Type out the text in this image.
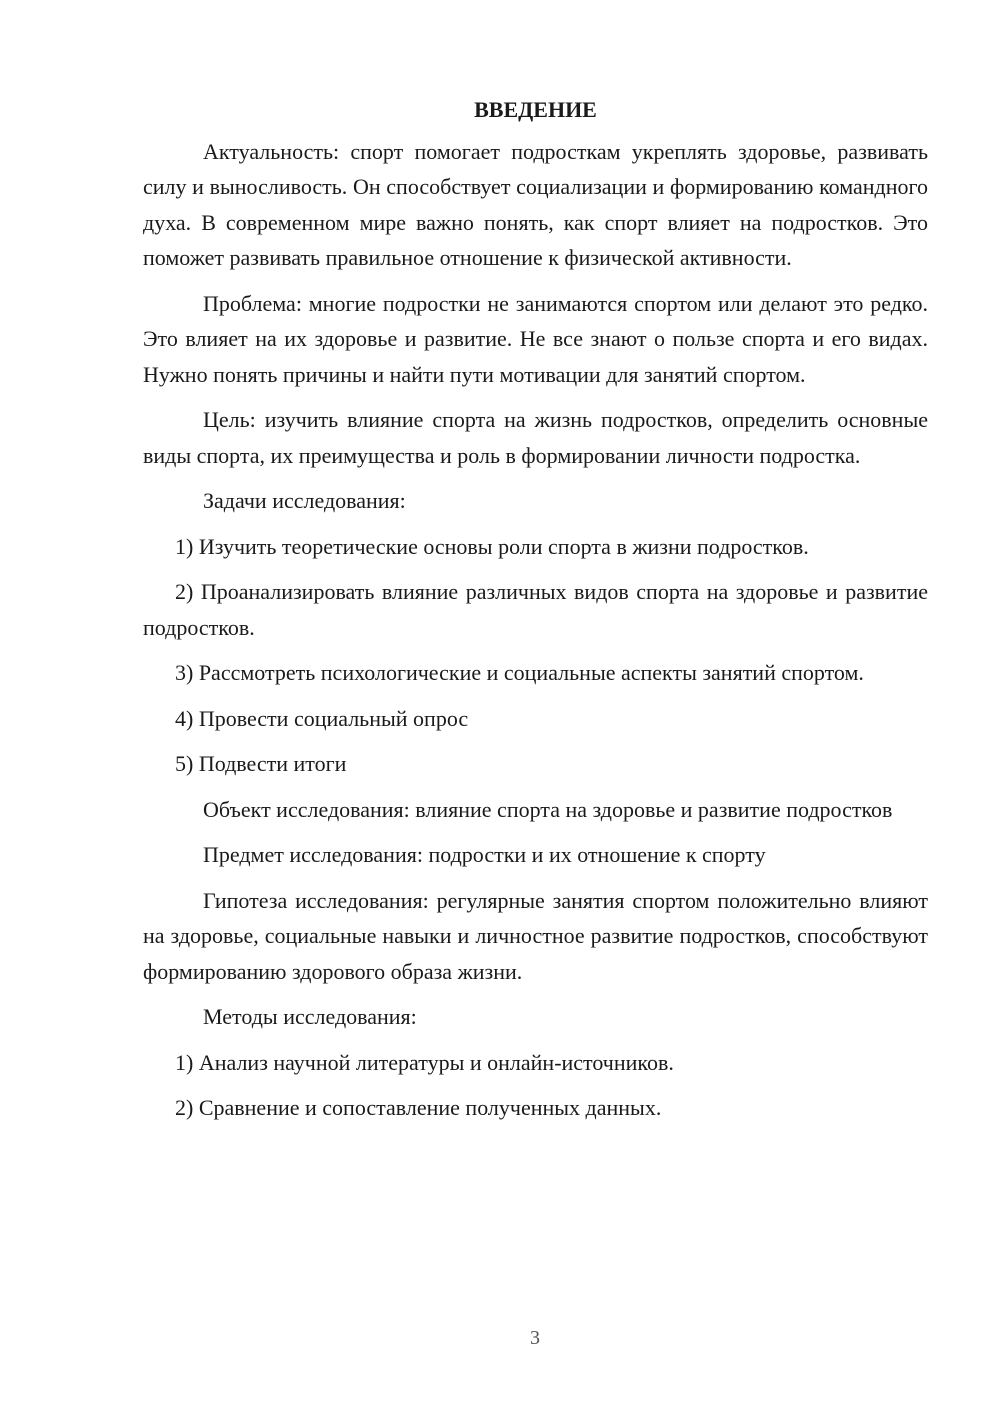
ВВЕДЕНИЕ

Актуальность: спорт помогает подросткам укреплять здоровье, развивать силу и выносливость. Он способствует социализации и формированию командного духа. В современном мире важно понять, как спорт влияет на подростков. Это поможет развивать правильное отношение к физической активности.

Проблема: многие подростки не занимаются спортом или делают это редко. Это влияет на их здоровье и развитие. Не все знают о пользе спорта и его видах. Нужно понять причины и найти пути мотивации для занятий спортом.

Цель: изучить влияние спорта на жизнь подростков, определить основные виды спорта, их преимущества и роль в формировании личности подростка.

Задачи исследования:

1) Изучить теоретические основы роли спорта в жизни подростков.

2) Проанализировать влияние различных видов спорта на здоровье и развитие подростков.

3) Рассмотреть психологические и социальные аспекты занятий спортом.

4) Провести социальный опрос

5) Подвести итоги

Объект исследования: влияние спорта на здоровье и развитие подростков

Предмет исследования: подростки и их отношение к спорту

Гипотеза исследования: регулярные занятия спортом положительно влияют на здоровье, социальные навыки и личностное развитие подростков, способствуют формированию здорового образа жизни.

Методы исследования:

1) Анализ научной литературы и онлайн-источников.

2) Сравнение и сопоставление полученных данных.

3
